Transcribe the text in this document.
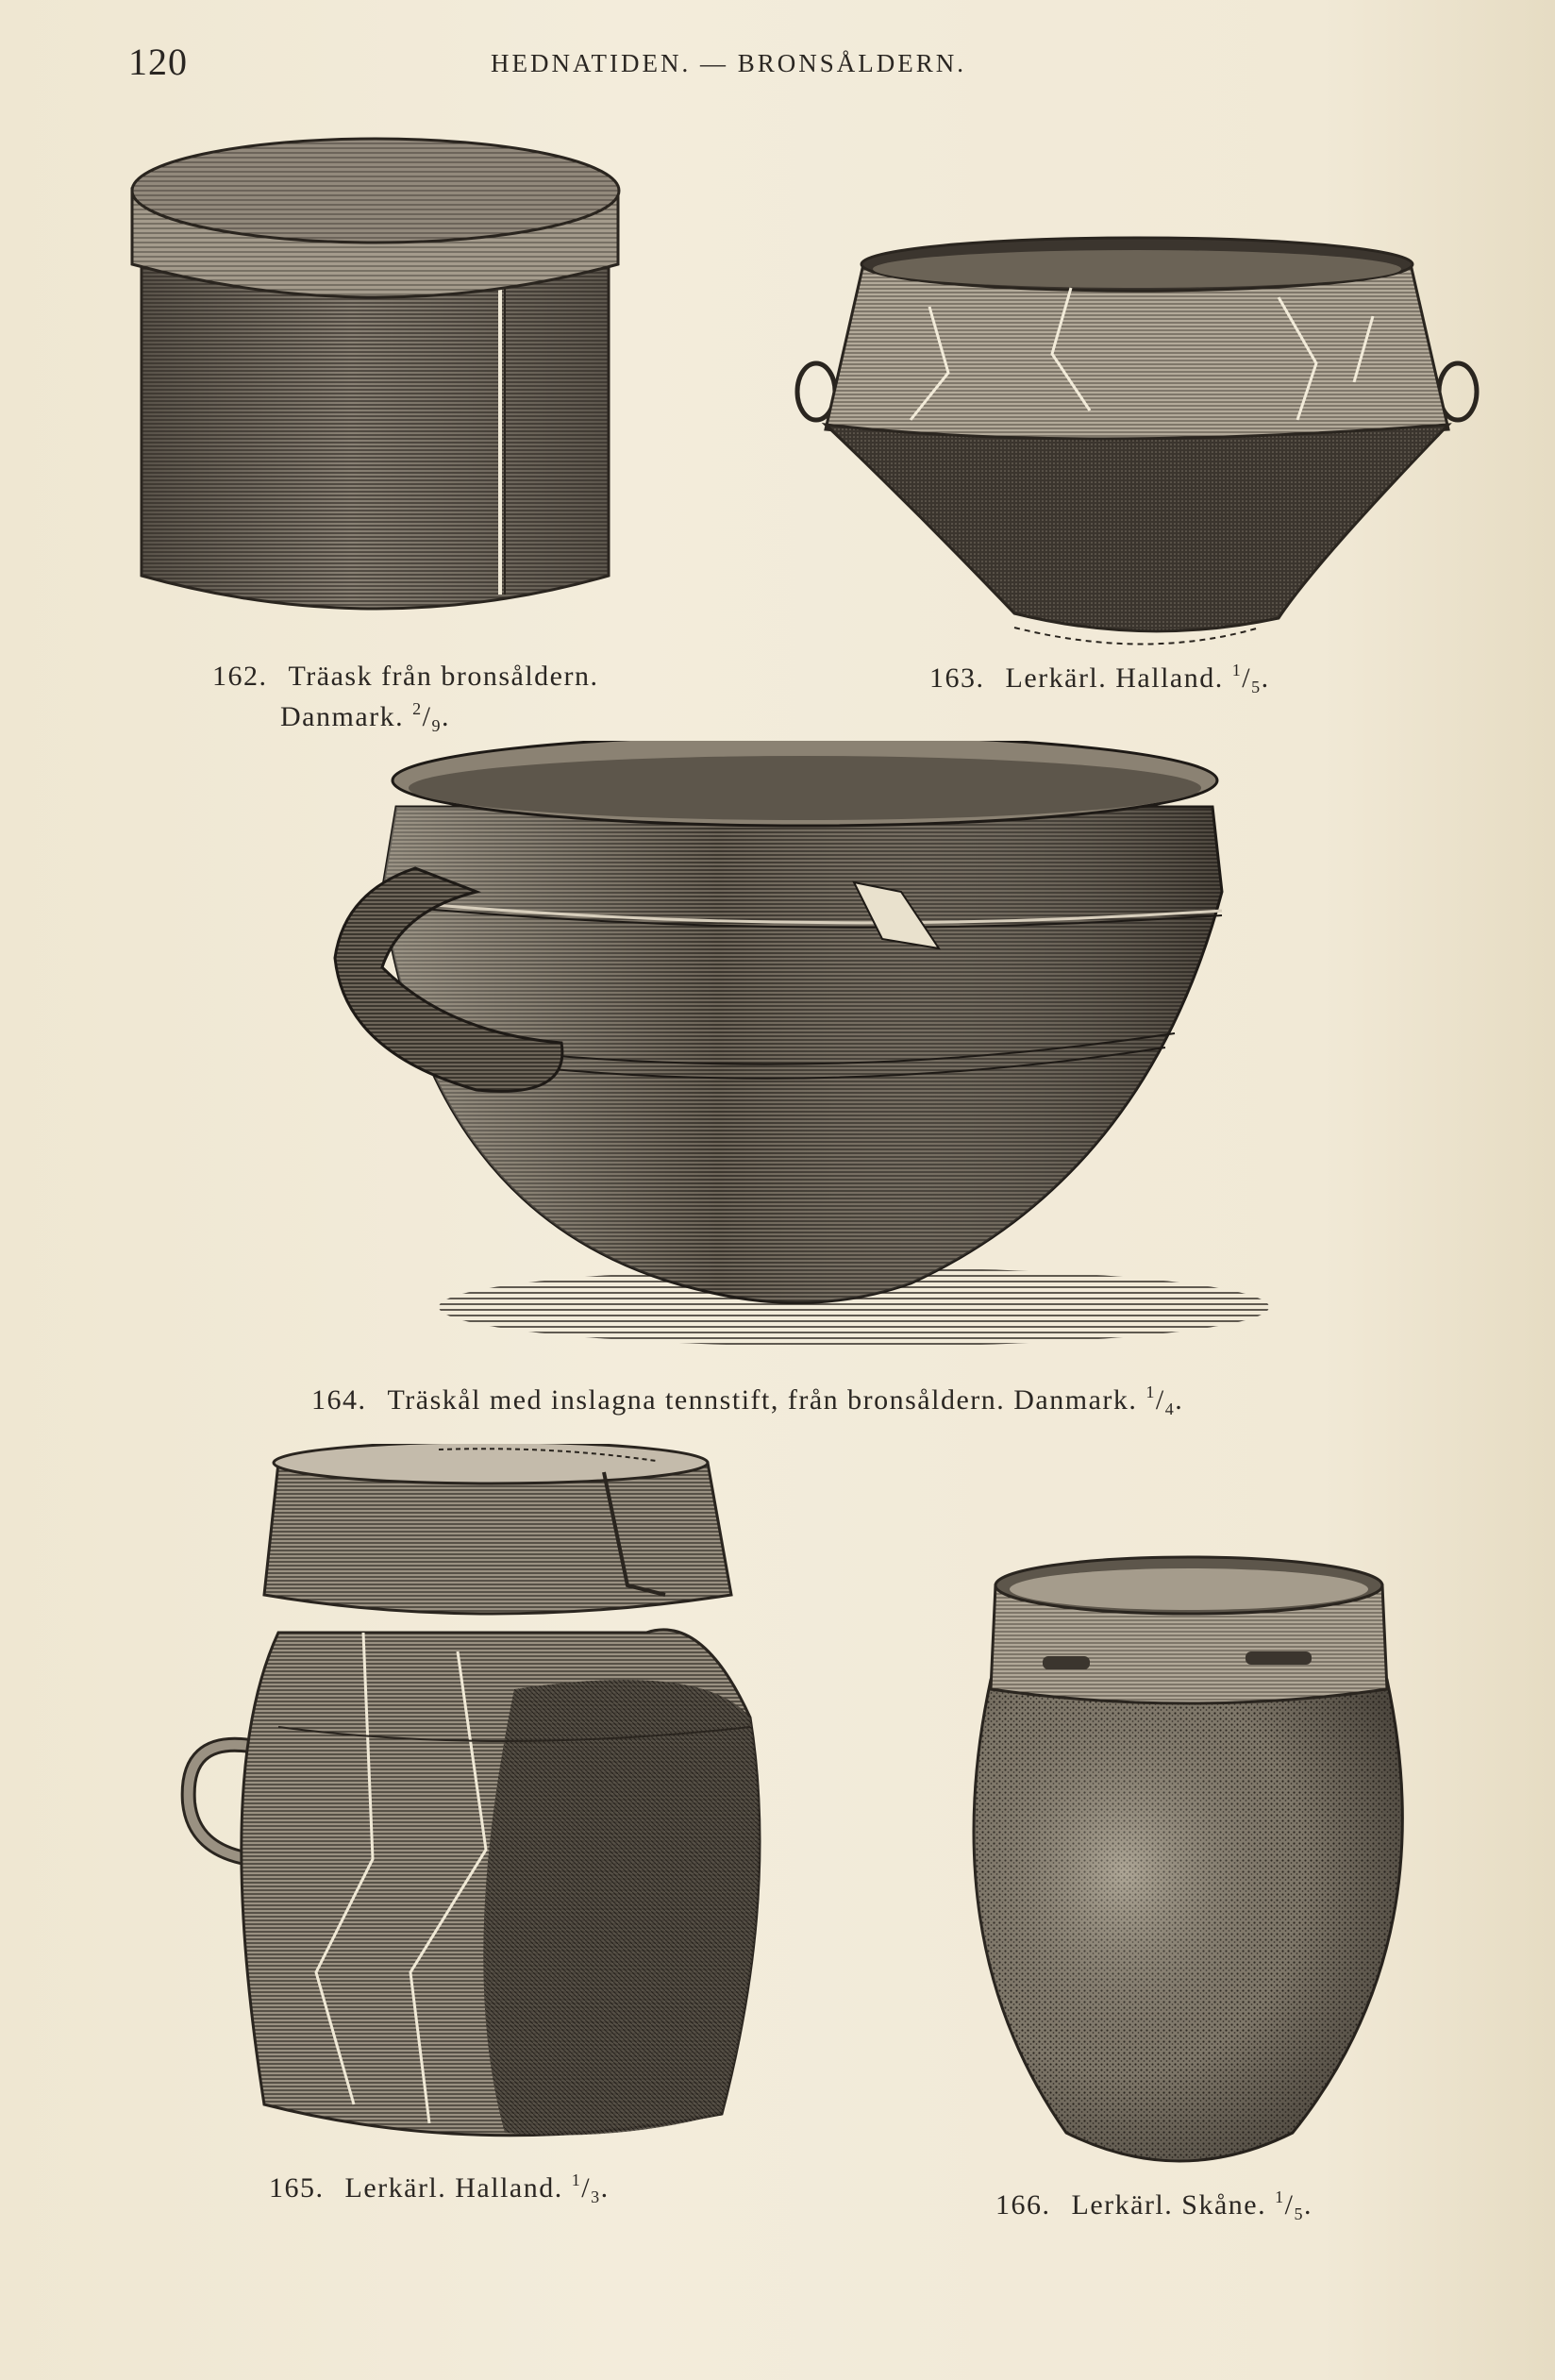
120	HEDNATIDEN. — BRONSÅLDERN.
162. Träask från bronsåldern.
Danmark. $^2/_9$.
163. Lerkärl. Halland. $^1/_5$.
164. Träskål med inslagna tennstift, från bronsåldern. Danmark. $^1/_4$.
165. Lerkärl. Halland. $^1/_3$.
166. Lerkärl. Skåne. $^1/_5$.
